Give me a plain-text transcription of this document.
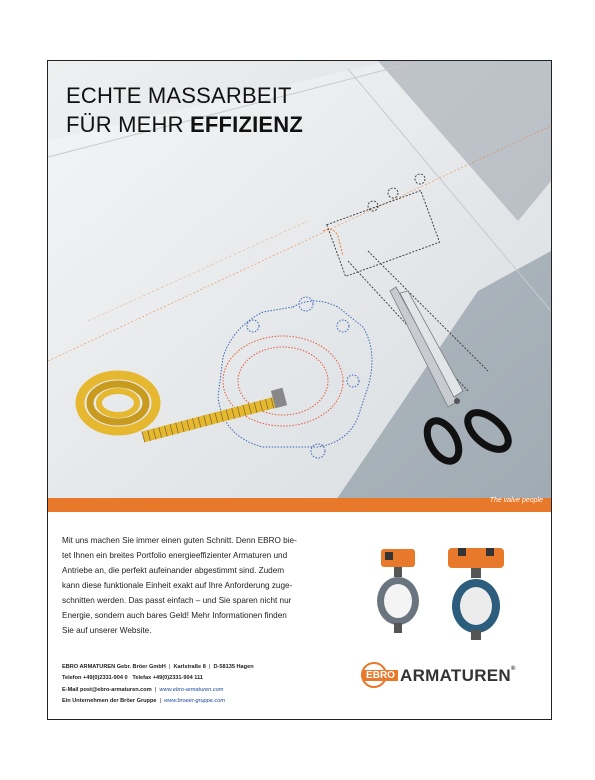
ECHTE MASSARBEIT
FÜR MEHR EFFIZIENZ
The valve people
Mit uns machen Sie immer einen guten Schnitt. Denn EBRO bie-
tet Ihnen ein breites Portfolio energieeffizienter Armaturen und
Antriebe an, die perfekt aufeinander abgestimmt sind. Zudem
kann diese funktionale Einheit exakt auf Ihre Anforderung zuge-
schnitten werden. Das passt einfach – und Sie sparen nicht nur
Energie, sondern auch bares Geld! Mehr Informationen finden
Sie auf unserer Website.
EBRO ARMATUREN Gebr. Bröer GmbH | Karlstraße 8 | D-58135 Hagen
Telefon +49(0)2331-904 0 Telefax +49(0)2331-904 111
E-Mail post@ebro-armaturen.com | www.ebro-armaturen.com
Ein Unternehmen der Bröer Gruppe | www.broeer-gruppe.com
EBRO ARMATUREN®
